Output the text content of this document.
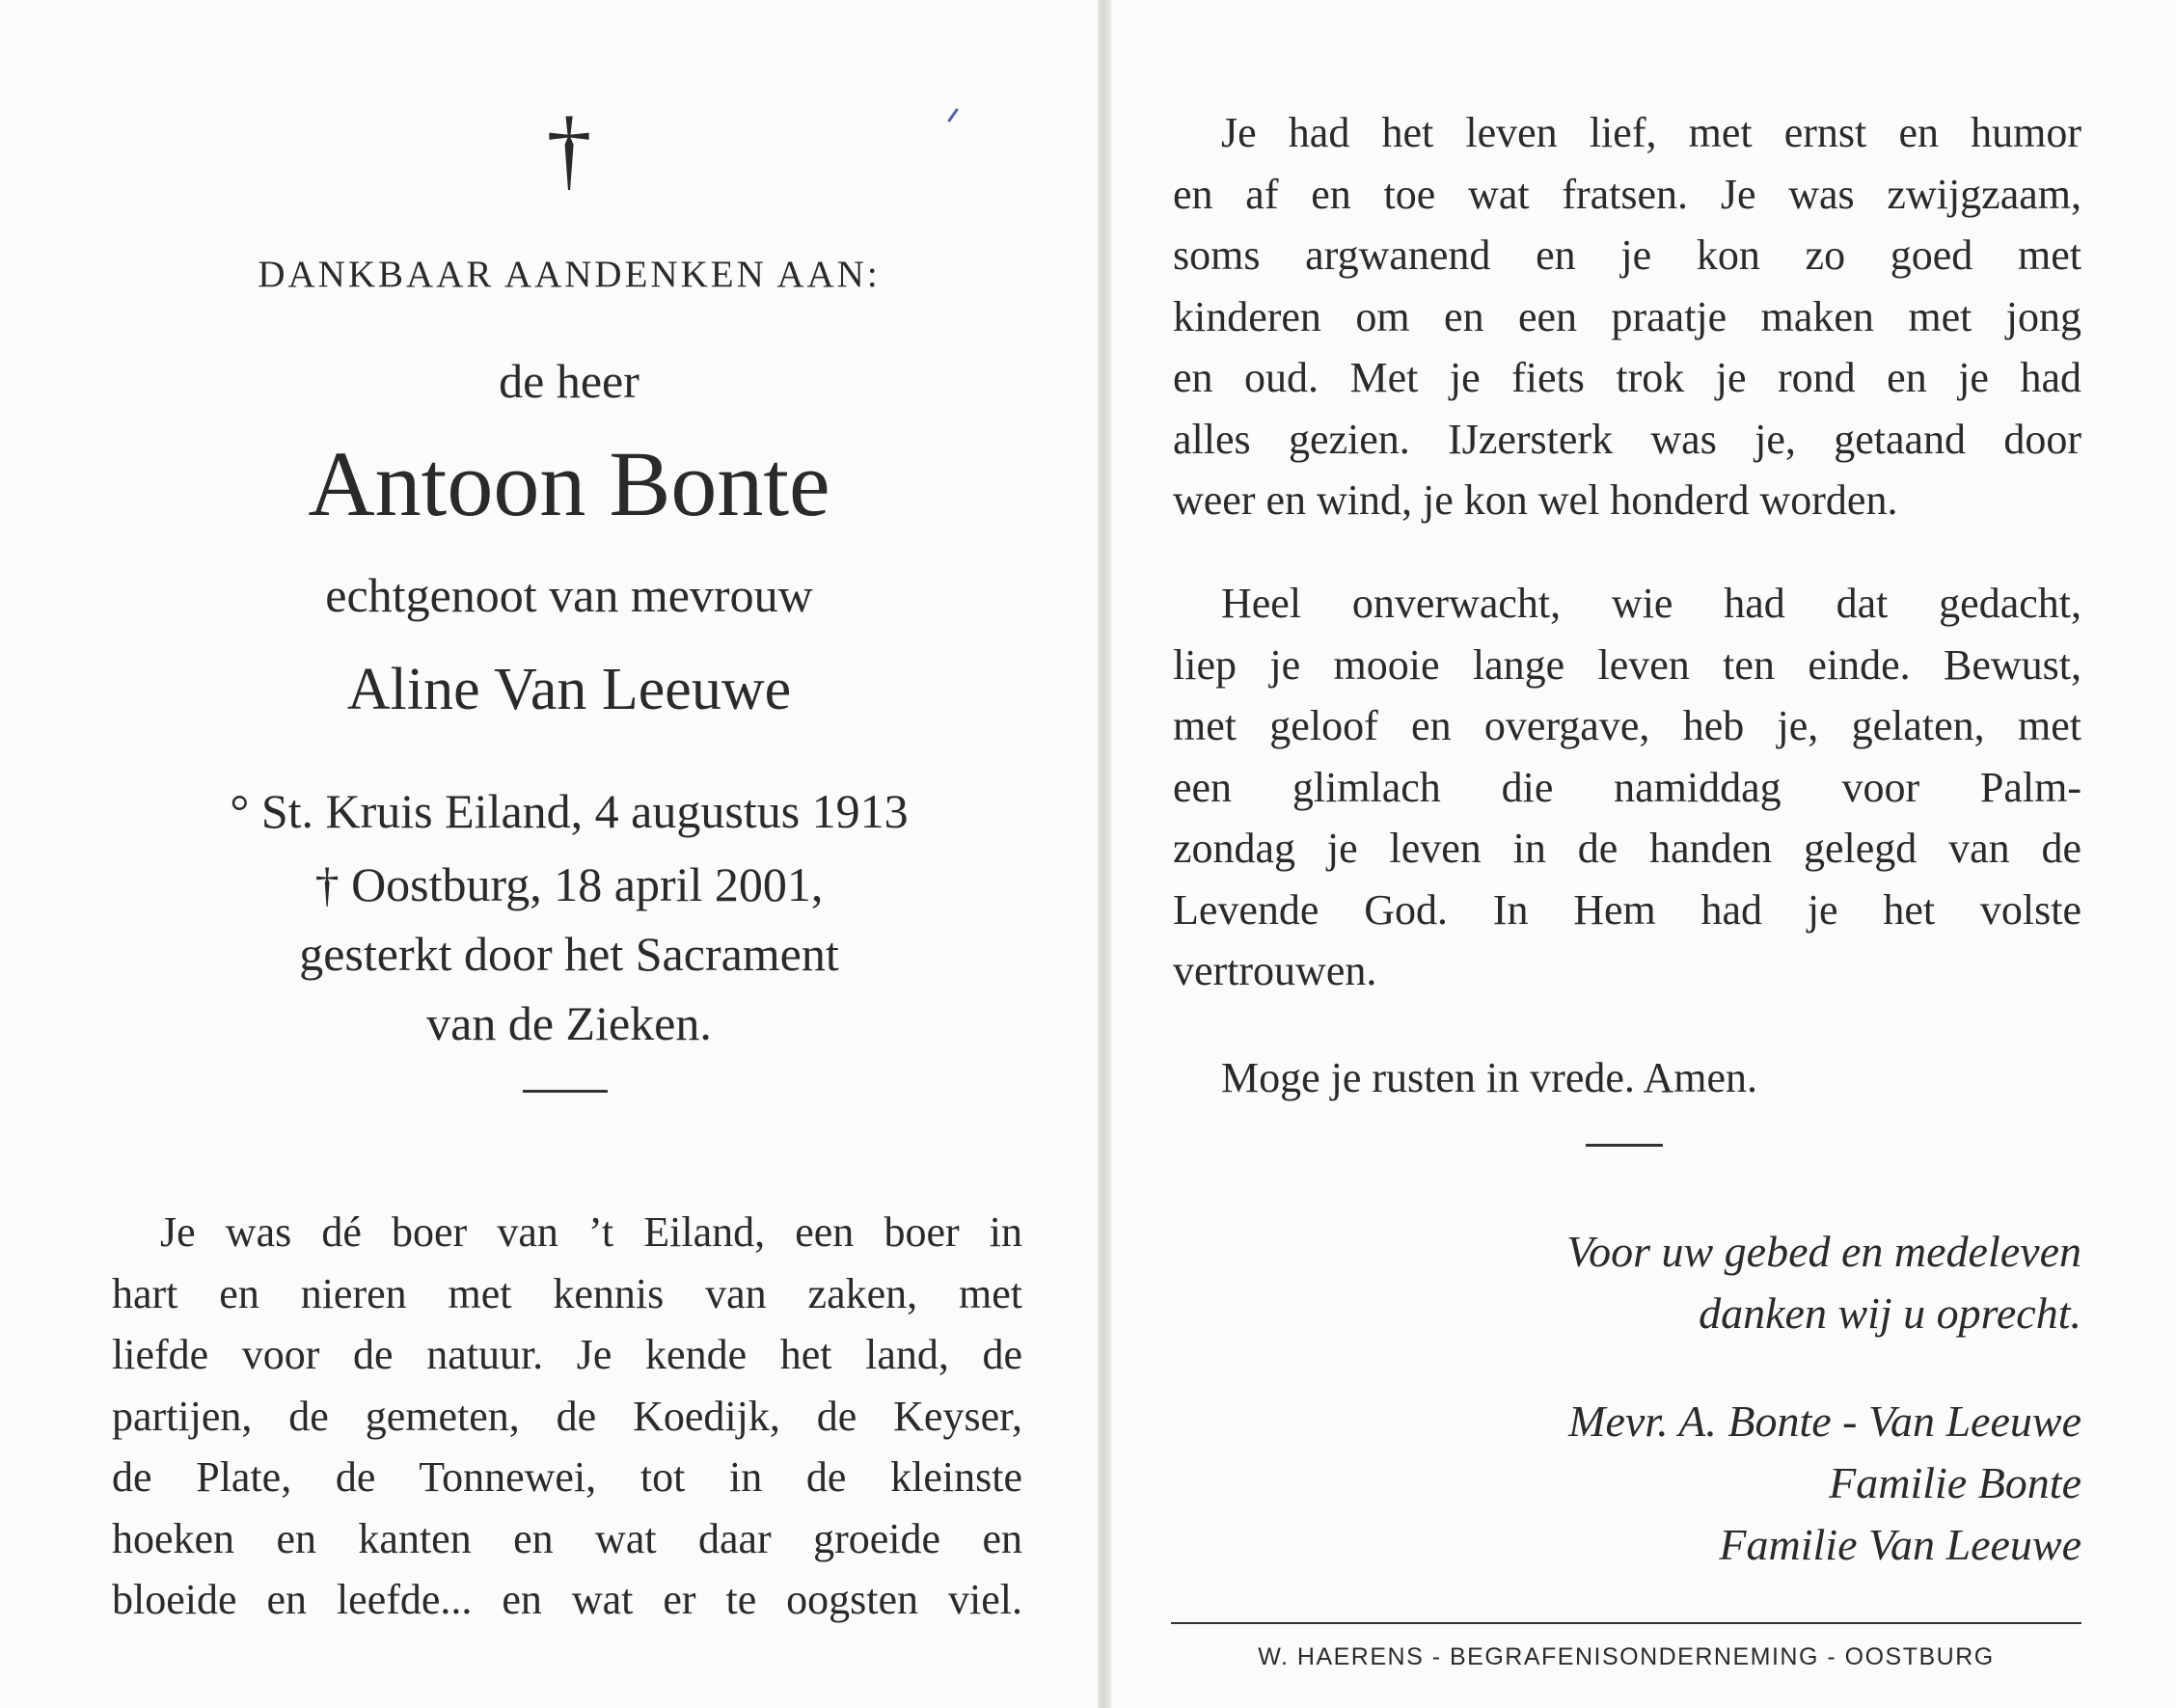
†
DANKBAAR AANDENKEN AAN:
de heer
Antoon Bonte
echtgenoot van mevrouw
Aline Van Leeuwe
° St. Kruis Eiland, 4 augustus 1913
† Oostburg, 18 april 2001,
gesterkt door het Sacrament
van de Zieken.
Je was dé boer van ’t Eiland, een boer in
hart en nieren met kennis van zaken, met
liefde voor de natuur. Je kende het land, de
partijen, de gemeten, de Koedijk, de Keyser,
de Plate, de Tonnewei, tot in de kleinste
hoeken en kanten en wat daar groeide en
bloeide en leefde... en wat er te oogsten viel.
Je had het leven lief, met ernst en humor
en af en toe wat fratsen. Je was zwijgzaam,
soms argwanend en je kon zo goed met
kinderen om en een praatje maken met jong
en oud. Met je fiets trok je rond en je had
alles gezien. IJzersterk was je, getaand door
weer en wind, je kon wel honderd worden.
Heel onverwacht, wie had dat gedacht,
liep je mooie lange leven ten einde. Bewust,
met geloof en overgave, heb je, gelaten, met
een glimlach die namiddag voor Palm-
zondag je leven in de handen gelegd van de
Levende God. In Hem had je het volste
vertrouwen.
Moge je rusten in vrede. Amen.
Voor uw gebed en medeleven
danken wij u oprecht.
Mevr. A. Bonte - Van Leeuwe
Familie Bonte
Familie Van Leeuwe
W. HAERENS - BEGRAFENISONDERNEMING - OOSTBURG
